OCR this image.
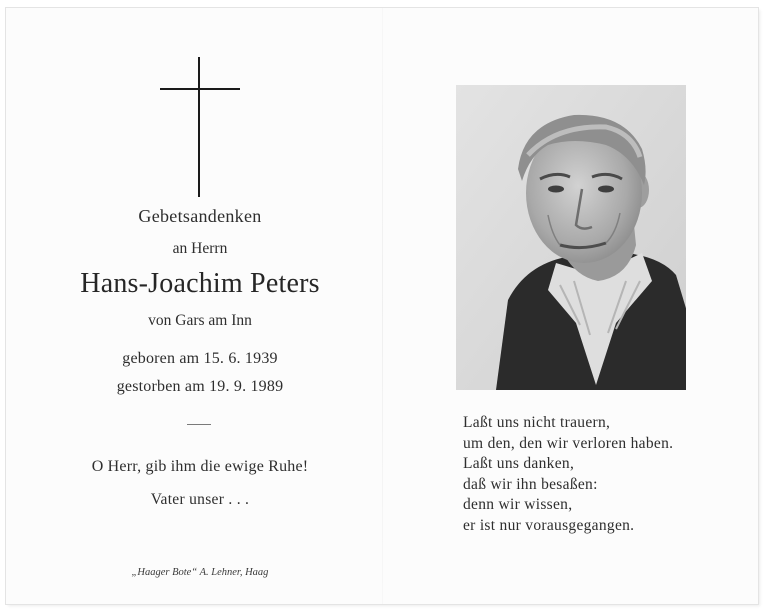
Gebetsandenken
an Herrn
Hans-Joachim Peters
von Gars am Inn
geboren am 15. 6. 1939
gestorben am 19. 9. 1989
O Herr, gib ihm die ewige Ruhe!
Vater unser . . .
„Haager Bote“ A. Lehner, Haag
Laßt uns nicht trauern,
um den, den wir verloren haben.
Laßt uns danken,
daß wir ihn besaßen:
denn wir wissen,
er ist nur vorausgegangen.
